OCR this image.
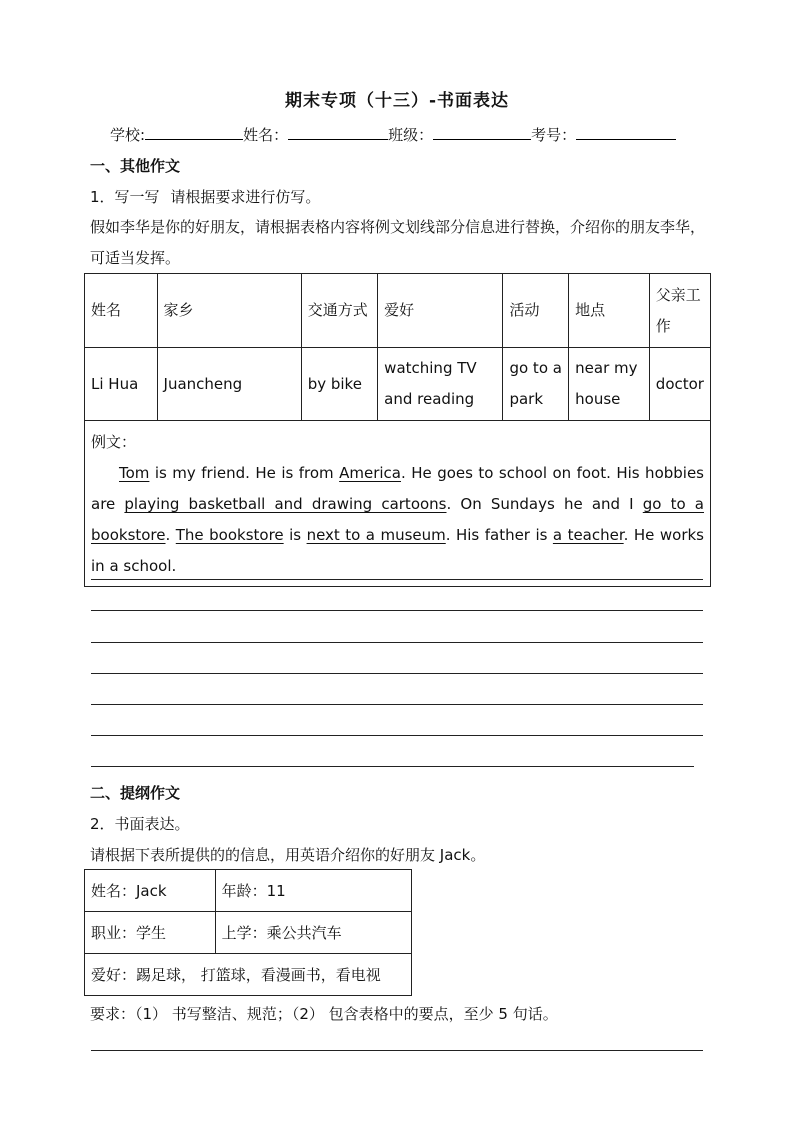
期末专项（十三）-书面表达
学校:	姓名：	班级：	考号：
一、其他作文
1．写一写 请根据要求进行仿写。
假如李华是你的好朋友，请根据表格内容将例文划线部分信息进行替换，介绍你的朋友李华，可适当发挥。
姓名	家乡	交通方式	爱好	活动	地点	父亲工作
Li Hua	Juancheng	by bike	watching TV and reading	go to a park	near my house	doctor

例文：
Tom is my friend. He is from America. He goes to school on foot. His hobbies are playing basketball and drawing cartoons. On Sundays he and I go to a bookstore. The bookstore is next to a museum. His father is a teacher. He works in a school.						
二、提纲作文
2．书面表达。
请根据下表所提供的的信息，用英语介绍你的好朋友 Jack。
姓名：Jack	年龄：11
职业：学生	上学：乘公共汽车
爱好：踢足球， 打篮球，看漫画书，看电视	
要求：（1） 书写整洁、规范；（2） 包含表格中的要点，至少 5 句话。
